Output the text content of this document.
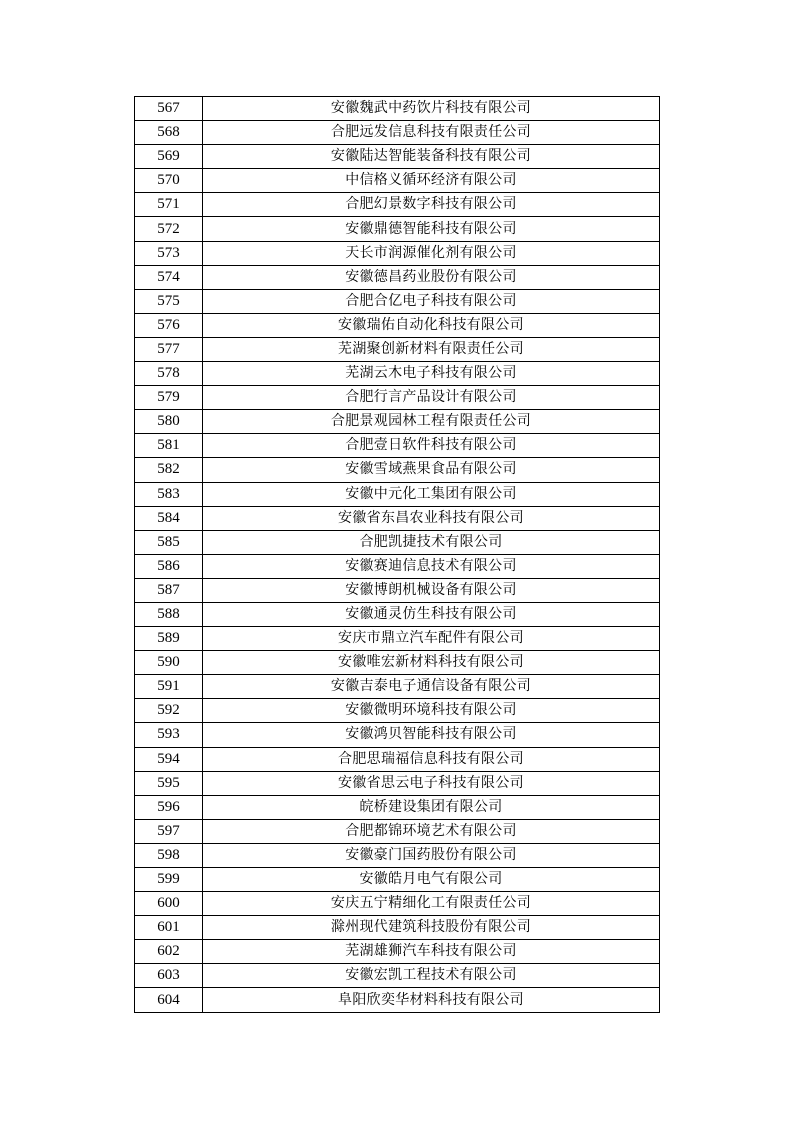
567	安徽魏武中药饮片科技有限公司
568	合肥远发信息科技有限责任公司
569	安徽陆达智能装备科技有限公司
570	中信格义循环经济有限公司
571	合肥幻景数字科技有限公司
572	安徽鼎德智能科技有限公司
573	天长市润源催化剂有限公司
574	安徽德昌药业股份有限公司
575	合肥合亿电子科技有限公司
576	安徽瑞佑自动化科技有限公司
577	芜湖聚创新材料有限责任公司
578	芜湖云木电子科技有限公司
579	合肥行言产品设计有限公司
580	合肥景观园林工程有限责任公司
581	合肥壹日软件科技有限公司
582	安徽雪域燕果食品有限公司
583	安徽中元化工集团有限公司
584	安徽省东昌农业科技有限公司
585	合肥凯捷技术有限公司
586	安徽赛迪信息技术有限公司
587	安徽博朗机械设备有限公司
588	安徽通灵仿生科技有限公司
589	安庆市鼎立汽车配件有限公司
590	安徽唯宏新材料科技有限公司
591	安徽吉泰电子通信设备有限公司
592	安徽微明环境科技有限公司
593	安徽鸿贝智能科技有限公司
594	合肥思瑞福信息科技有限公司
595	安徽省思云电子科技有限公司
596	皖桥建设集团有限公司
597	合肥都锦环境艺术有限公司
598	安徽豪门国药股份有限公司
599	安徽皓月电气有限公司
600	安庆五宁精细化工有限责任公司
601	滁州现代建筑科技股份有限公司
602	芜湖雄狮汽车科技有限公司
603	安徽宏凯工程技术有限公司
604	阜阳欣奕华材料科技有限公司
